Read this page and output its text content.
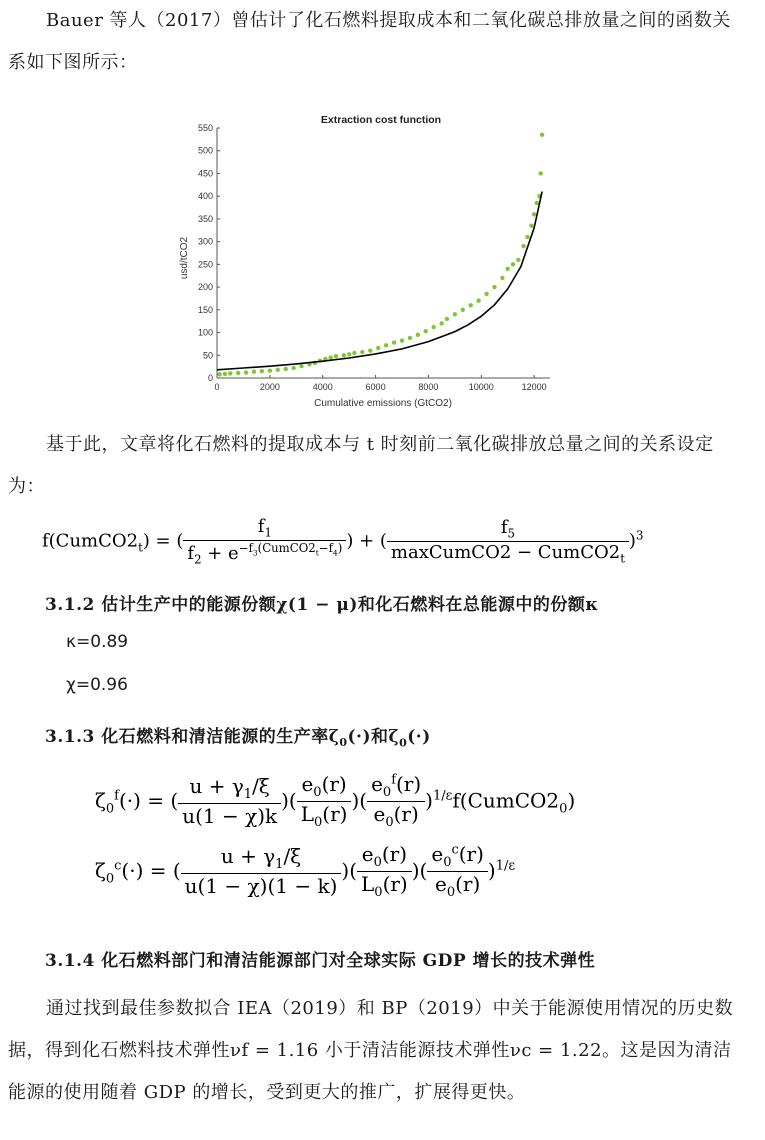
Bauer 等人（2017）曾估计了化石燃料提取成本和二氧化碳总排放量之间的函数关系如下图所示：
Extraction cost function
Cumulative emissions (GtCO2)
usd/tCO2
0	2000	4000	6000	8000	10000	12000
0
50
100
150
200
250
300
350
400
450
500
550
基于此，文章将化石燃料的提取成本与 t 时刻前二氧化碳排放总量之间的关系设定为：
$f(CumCO2_t)$ = ( $\frac{f_1}{f_2 + e^{-f_3(CumCO2_t-f_4)}}$ ) + ( $\frac{f_5}{maxCumCO2 - CumCO2_t} )^3$
3.1.2 估计生产中的能源份额χ(1 − μ)和化石燃料在总能源中的份额κ
κ=0.89
χ=0.96
3.1.3 化石燃料和清洁能源的生产率$\zeta_0(\cdot)$和$\zeta_0(\cdot)$
$\zeta_0^f(\cdot)$ = ( $\frac{u + \gamma_1/\xi}{u(1 - \chi)k}$ )( $\frac{e_0(r)}{L_0(r)}$ )( $\frac{e_0^f(r)}{e_0(r)}$ )$^{1/\varepsilon}f(CumCO2_0)$
$\zeta_0^c(\cdot)$ = ( $\frac{u + \gamma_1/\xi}{u(1 - \chi)(1 - k)}$ )( $\frac{e_0(r)}{L_0(r)}$ )( $\frac{e_0^c(r)}{e_0(r)} )^{1/\varepsilon}$
3.1.4 化石燃料部门和清洁能源部门对全球实际 GDP 增长的技术弹性
通过找到最佳参数拟合 IEA（2019）和 BP（2019）中关于能源使用情况的历史数据，得到化石燃料技术弹性νf = 1.16 小于清洁能源技术弹性νc = 1.22。这是因为清洁能源的使用随着 GDP 的增长，受到更大的推广，扩展得更快。
